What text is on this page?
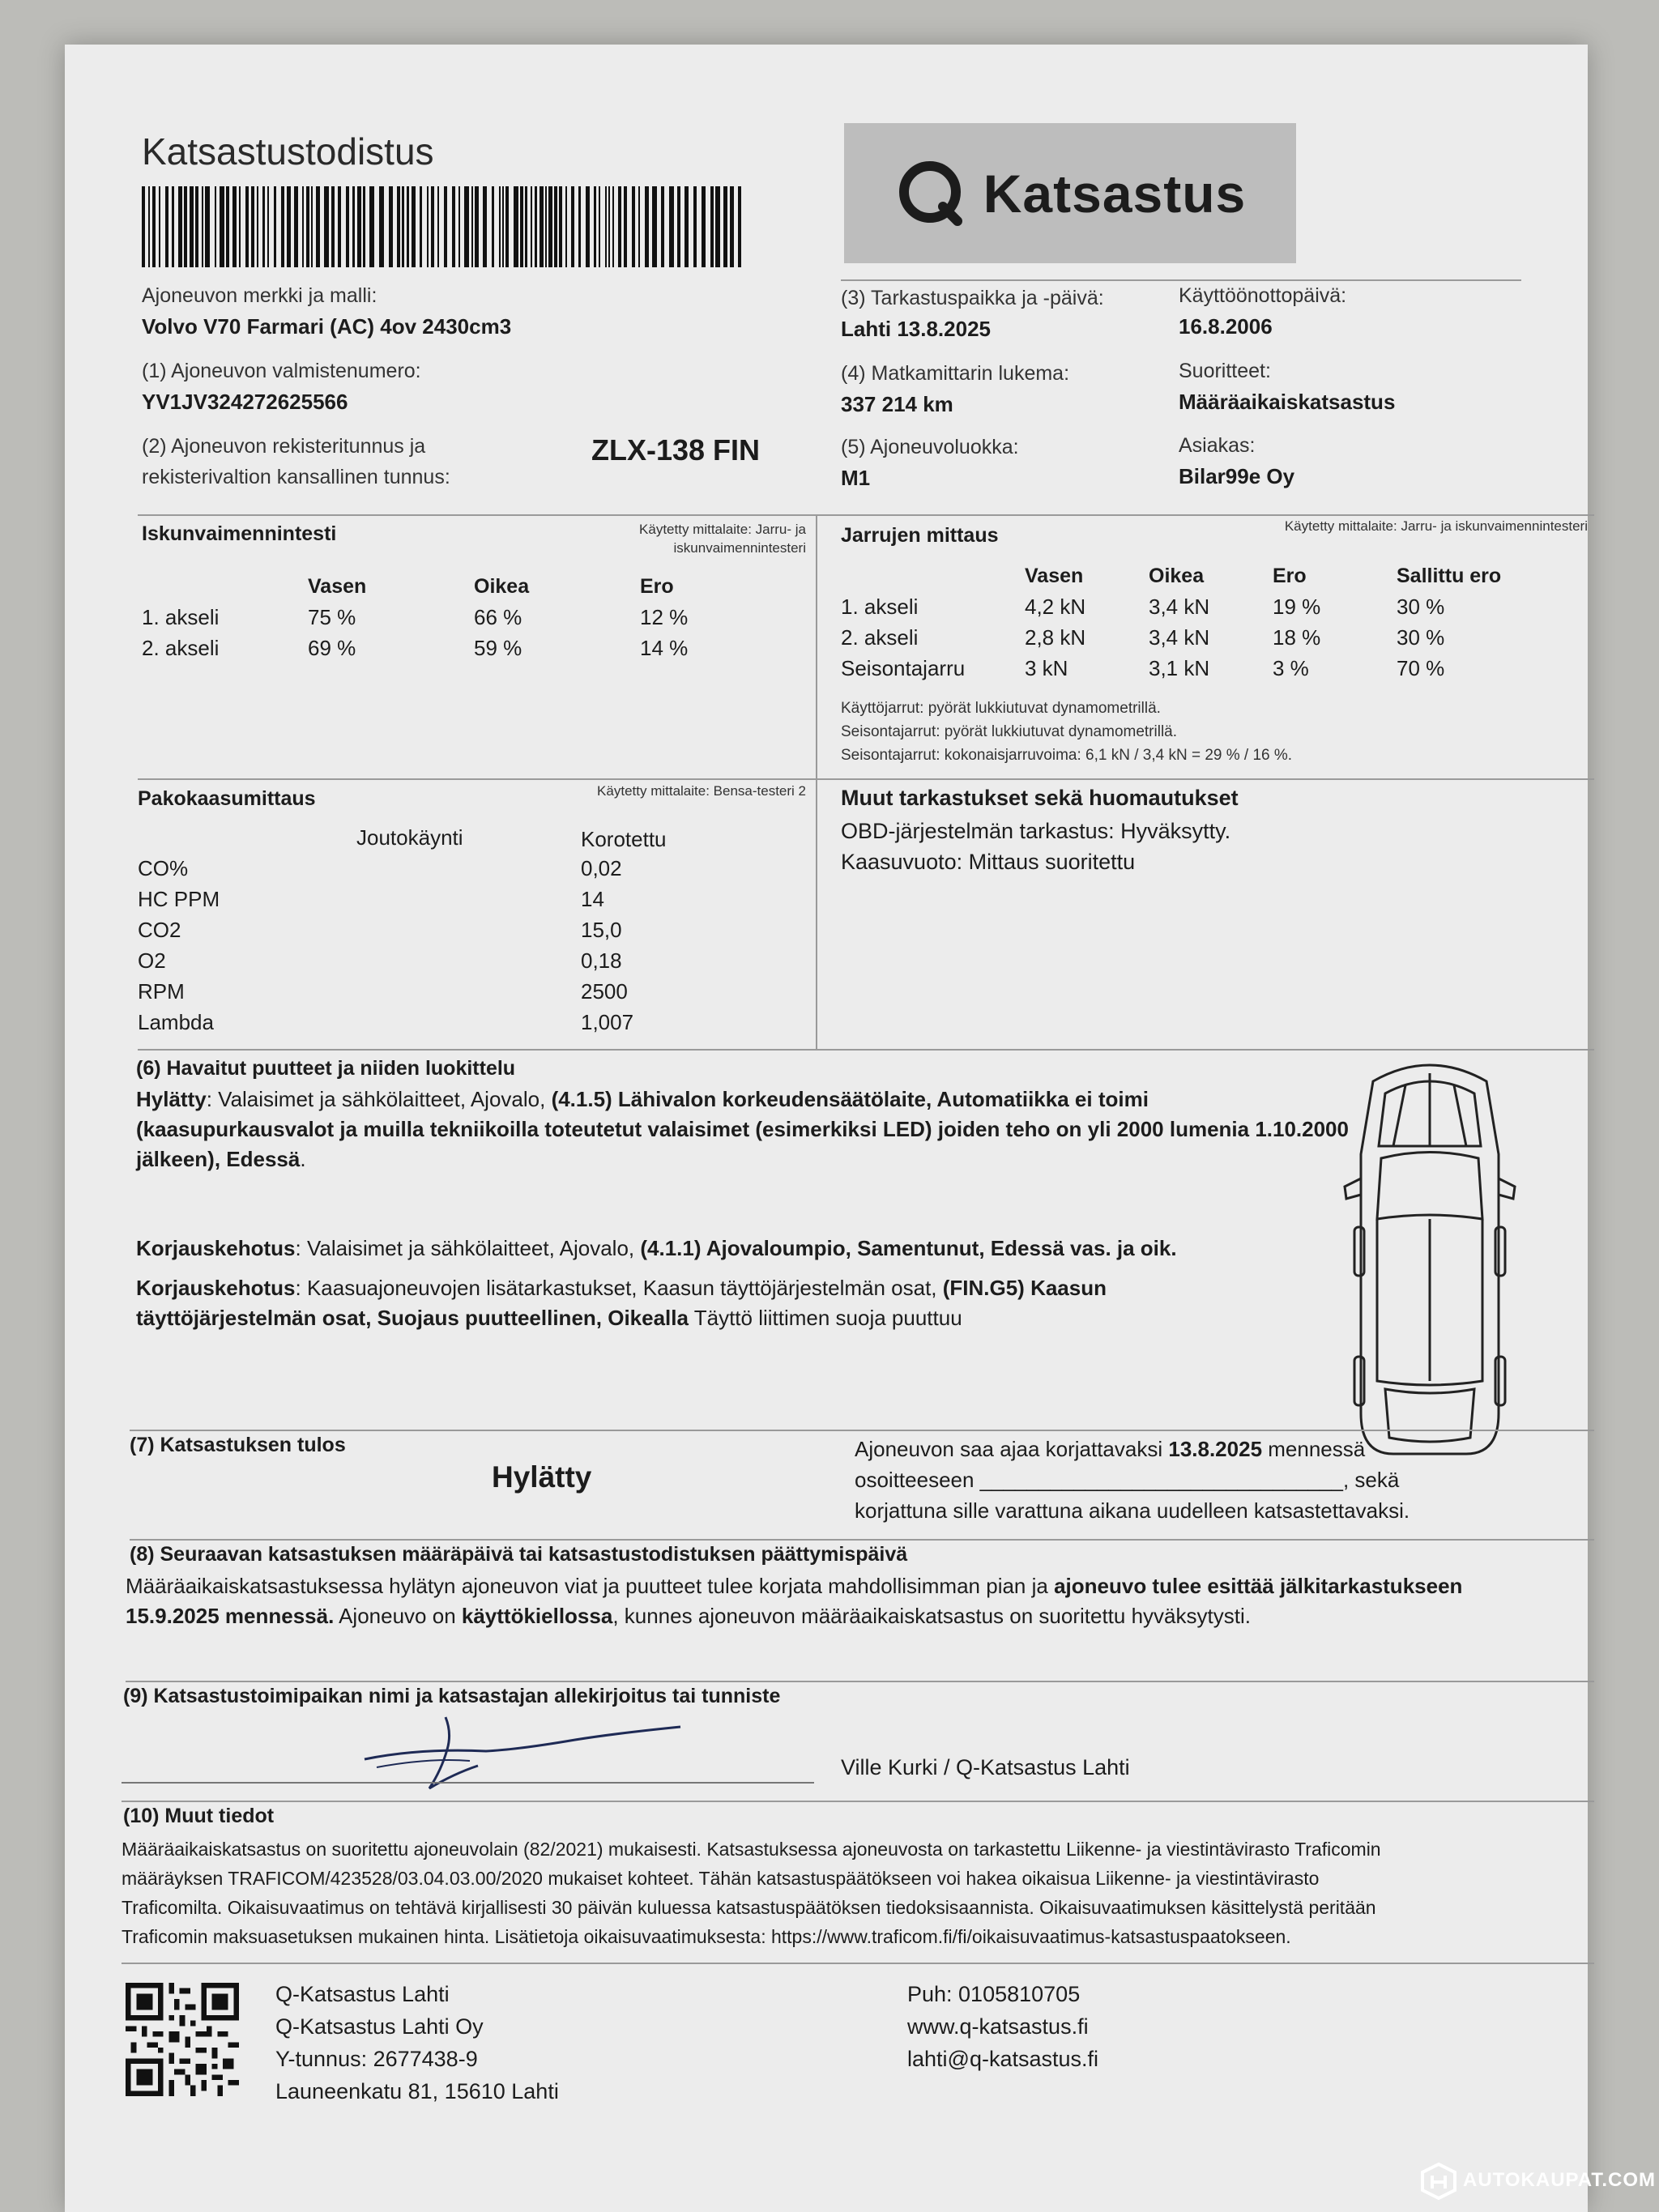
Katsastustodistus
Katsastus
Ajoneuvon merkki ja malli:
Volvo V70 Farmari (AC) 4ov 2430cm3
(1) Ajoneuvon valmistenumero:
YV1JV324272625566
(2) Ajoneuvon rekisteritunnus ja
rekisterivaltion kansallinen tunnus:
ZLX-138 FIN
(3) Tarkastuspaikka ja -päivä:
Lahti 13.8.2025
(4) Matkamittarin lukema:
337 214 km
(5) Ajoneuvoluokka:
M1
Käyttöönottopäivä:
16.8.2006
Suoritteet:
Määräaikaiskatsastus
Asiakas:
Bilar99e Oy
Iskunvaimennintesti	Käytetty mittalaite: Jarru- ja
iskunvaimennintesteri
	Vasen	Oikea	Ero
1. akseli	75 %	66 %	12 %
2. akseli	69 %	59 %	14 %
Jarrujen mittaus	Käytetty mittalaite: Jarru- ja iskunvaimennintesteri
	Vasen	Oikea	Ero	Sallittu ero
1. akseli	4,2 kN	3,4 kN	19 %	30 %
2. akseli	2,8 kN	3,4 kN	18 %	30 %
Seisontajarru	3 kN	3,1 kN	3 %	70 %
Käyttöjarrut: pyörät lukkiutuvat dynamometrillä.
Seisontajarrut: pyörät lukkiutuvat dynamometrillä.
Seisontajarrut: kokonaisjarruvoima: 6,1 kN / 3,4 kN = 29 % / 16 %.
Pakokaasumittaus	Käytetty mittalaite: Bensa-testeri 2
Joutokäynti	Korotettu
CO%	0,02
HC PPM	14
CO2	15,0
O2	0,18
RPM	2500
Lambda	1,007
Muut tarkastukset sekä huomautukset
OBD-järjestelmän tarkastus: Hyväksytty.
Kaasuvuoto: Mittaus suoritettu
(6) Havaitut puutteet ja niiden luokittelu
Hylätty: Valaisimet ja sähkölaitteet, Ajovalo, (4.1.5) Lähivalon korkeudensäätölaite, Automatiikka ei toimi (kaasupurkausvalot ja muilla tekniikoilla toteutetut valaisimet (esimerkiksi LED) joiden teho on yli 2000 lumenia 1.10.2000 jälkeen), Edessä.
Korjauskehotus: Valaisimet ja sähkölaitteet, Ajovalo, (4.1.1) Ajovaloumpio, Samentunut, Edessä vas. ja oik.
Korjauskehotus: Kaasuajoneuvojen lisätarkastukset, Kaasun täyttöjärjestelmän osat, (FIN.G5) Kaasun täyttöjärjestelmän osat, Suojaus puutteellinen, Oikealla Täyttö liittimen suoja puuttuu
(7) Katsastuksen tulos
Hylätty
Ajoneuvon saa ajaa korjattavaksi 13.8.2025 mennessä
osoitteeseen _______________________________, sekä
korjattuna sille varattuna aikana uudelleen katsastettavaksi.
(8) Seuraavan katsastuksen määräpäivä tai katsastustodistuksen päättymispäivä
Määräaikaiskatsastuksessa hylätyn ajoneuvon viat ja puutteet tulee korjata mahdollisimman pian ja ajoneuvo tulee esittää jälkitarkastukseen 15.9.2025 mennessä. Ajoneuvo on käyttökiellossa, kunnes ajoneuvon määräaikaiskatsastus on suoritettu hyväksytysti.
(9) Katsastustoimipaikan nimi ja katsastajan allekirjoitus tai tunniste
Ville Kurki / Q-Katsastus Lahti
(10) Muut tiedot
Määräaikaiskatsastus on suoritettu ajoneuvolain (82/2021) mukaisesti. Katsastuksessa ajoneuvosta on tarkastettu Liikenne- ja viestintävirasto Traficomin
määräyksen TRAFICOM/423528/03.04.03.00/2020 mukaiset kohteet. Tähän katsastuspäätökseen voi hakea oikaisua Liikenne- ja viestintävirasto
Traficomilta. Oikaisuvaatimus on tehtävä kirjallisesti 30 päivän kuluessa katsastuspäätöksen tiedoksisaannista. Oikaisuvaatimuksen käsittelystä peritään
Traficomin maksuasetuksen mukainen hinta. Lisätietoja oikaisuvaatimuksesta: https://www.traficom.fi/fi/oikaisuvaatimus-katsastuspaatokseen.
Q-Katsastus Lahti
Q-Katsastus Lahti Oy
Y-tunnus: 2677438-9
Launeenkatu 81, 15610 Lahti
Puh: 0105810705
www.q-katsastus.fi
lahti@q-katsastus.fi
AUTOKAUPAT.COM
